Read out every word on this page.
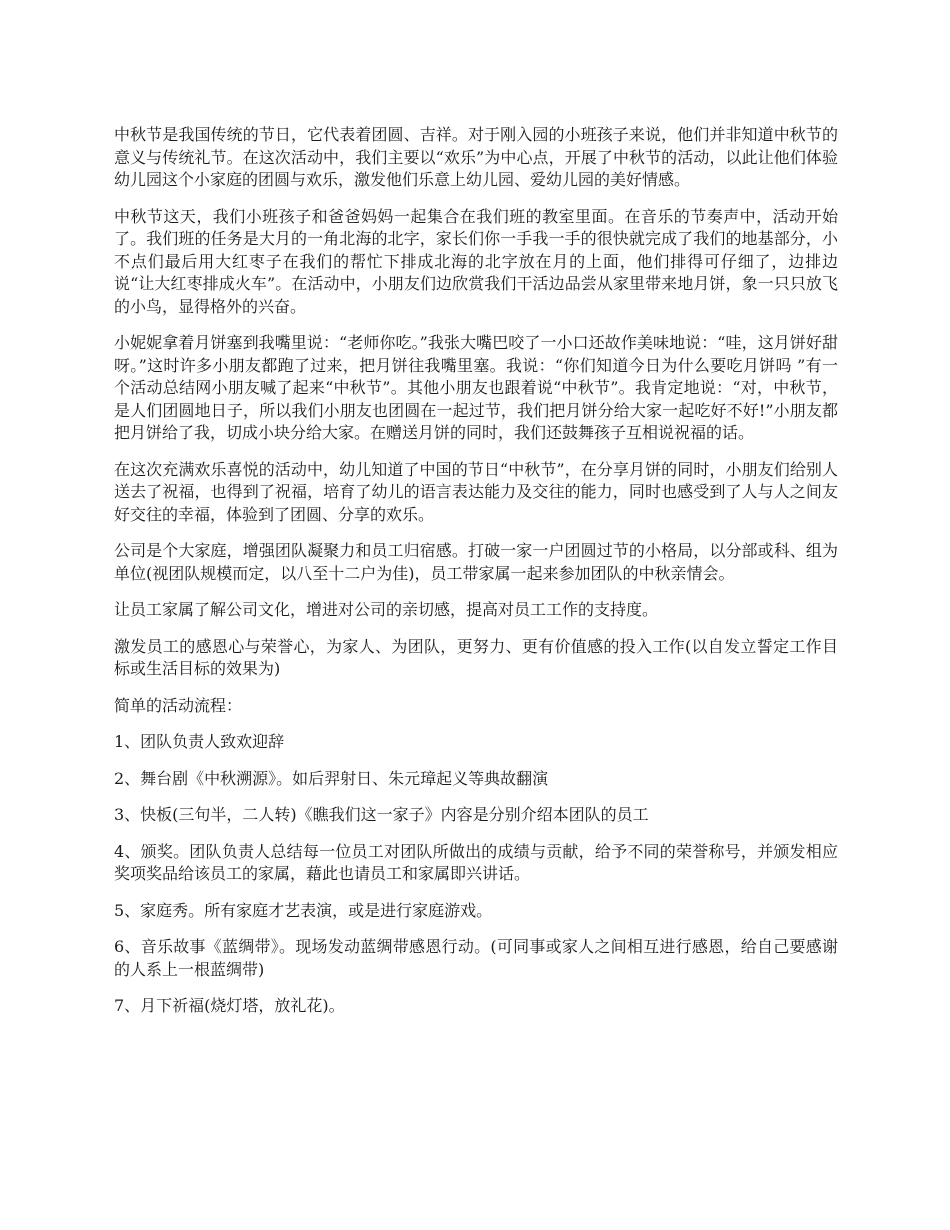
中秋节是我国传统的节日，它代表着团圆、吉祥。对于刚入园的小班孩子来说，他们并非知道中秋节的意义与传统礼节。在这次活动中，我们主要以“欢乐”为中心点，开展了中秋节的活动，以此让他们体验幼儿园这个小家庭的团圆与欢乐，激发他们乐意上幼儿园、爱幼儿园的美好情感。

中秋节这天，我们小班孩子和爸爸妈妈一起集合在我们班的教室里面。在音乐的节奏声中，活动开始了。我们班的任务是大月的一角北海的北字，家长们你一手我一手的很快就完成了我们的地基部分，小不点们最后用大红枣子在我们的帮忙下排成北海的北字放在月的上面，他们排得可仔细了，边排边说“让大红枣排成火车”。在活动中，小朋友们边欣赏我们干活边品尝从家里带来地月饼，象一只只放飞的小鸟，显得格外的兴奋。

小妮妮拿着月饼塞到我嘴里说：“老师你吃。”我张大嘴巴咬了一小口还故作美味地说：“哇，这月饼好甜呀。”这时许多小朋友都跑了过来，把月饼往我嘴里塞。我说：“你们知道今日为什么要吃月饼吗 ”有一个活动总结网小朋友喊了起来“中秋节”。其他小朋友也跟着说“中秋节”。我肯定地说：“对，中秋节，是人们团圆地日子，所以我们小朋友也团圆在一起过节，我们把月饼分给大家一起吃好不好!”小朋友都把月饼给了我，切成小块分给大家。在赠送月饼的同时，我们还鼓舞孩子互相说祝福的话。

在这次充满欢乐喜悦的活动中，幼儿知道了中国的节日“中秋节”，在分享月饼的同时，小朋友们给别人送去了祝福，也得到了祝福，培育了幼儿的语言表达能力及交往的能力，同时也感受到了人与人之间友好交往的幸福，体验到了团圆、分享的欢乐。

公司是个大家庭，增强团队凝聚力和员工归宿感。打破一家一户团圆过节的小格局，以分部或科、组为单位(视团队规模而定，以八至十二户为佳)，员工带家属一起来参加团队的中秋亲情会。

让员工家属了解公司文化，增进对公司的亲切感，提高对员工工作的支持度。

激发员工的感恩心与荣誉心，为家人、为团队，更努力、更有价值感的投入工作(以自发立誓定工作目标或生活目标的效果为)

简单的活动流程：

1、团队负责人致欢迎辞

2、舞台剧《中秋溯源》。如后羿射日、朱元璋起义等典故翻演

3、快板(三句半，二人转)《瞧我们这一家子》内容是分别介绍本团队的员工

4、颁奖。团队负责人总结每一位员工对团队所做出的成绩与贡献，给予不同的荣誉称号，并颁发相应奖项奖品给该员工的家属，藉此也请员工和家属即兴讲话。

5、家庭秀。所有家庭才艺表演，或是进行家庭游戏。

6、音乐故事《蓝绸带》。现场发动蓝绸带感恩行动。(可同事或家人之间相互进行感恩，给自己要感谢的人系上一根蓝绸带)

7、月下祈福(烧灯塔，放礼花)。
